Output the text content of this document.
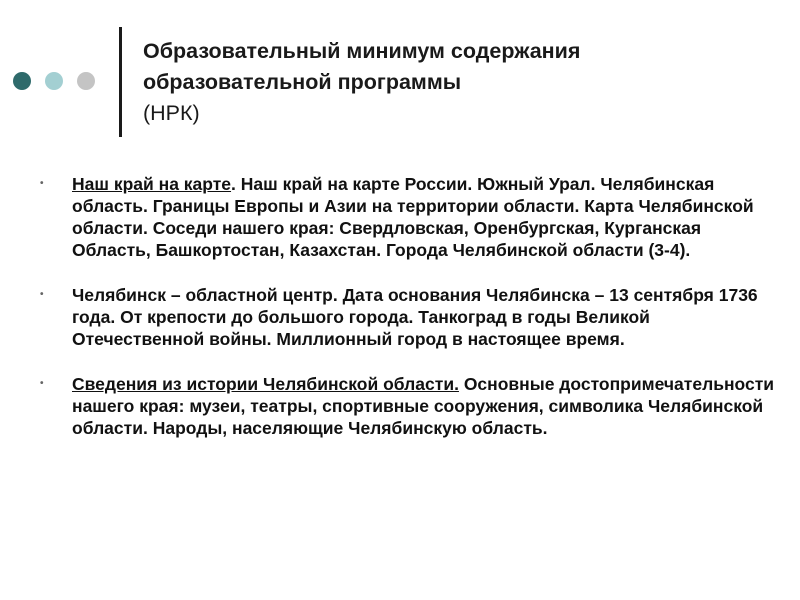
Образовательный минимум содержания
образовательной программы
(НРК)
• Наш край на карте. Наш край на карте России. Южный Урал. Челябинская область. Границы Европы и Азии на территории области. Карта Челябинской области. Соседи нашего края: Свердловская, Оренбургская, Курганская Область, Башкортостан, Казахстан. Города Челябинской области (3-4).
• Челябинск – областной центр. Дата основания Челябинска – 13 сентября 1736 года. От крепости до большого города. Танкоград в годы Великой Отечественной войны. Миллионный город в настоящее время.
• Сведения из истории Челябинской области. Основные достопримечательности нашего края: музеи, театры, спортивные сооружения, символика Челябинской области. Народы, населяющие Челябинскую область.
